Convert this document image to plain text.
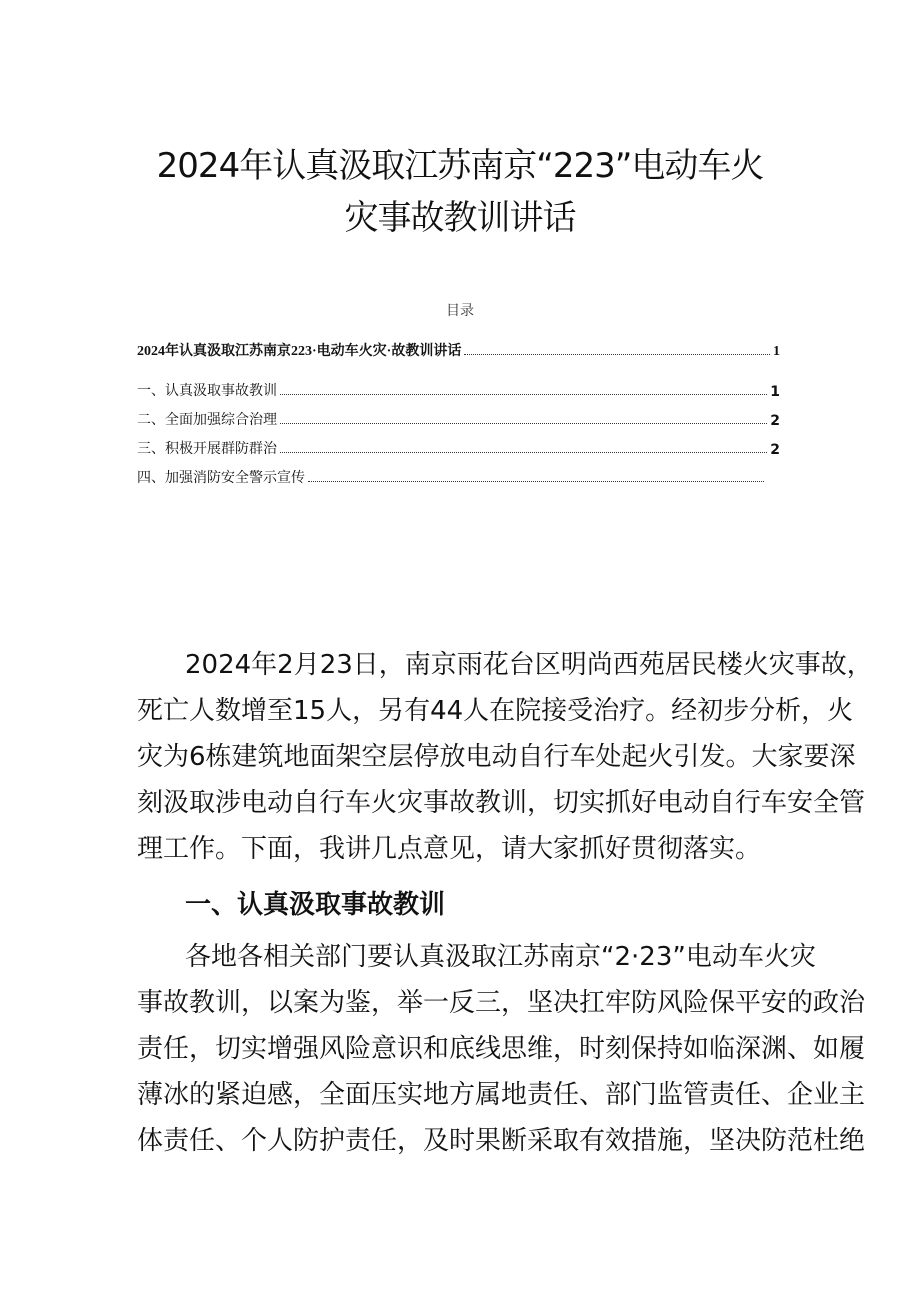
2024年认真汲取江苏南京“223”电动车火
灾事故教训讲话
目录
2024年认真汲取江苏南京223·电动车火灾·故教训讲话	1
一、认真汲取事故教训	1
二、全面加强综合治理	2
三、积极开展群防群治	2
四、加强消防安全警示宣传
2024年2月23日，南京雨花台区明尚西苑居民楼火灾事故，
死亡人数增至15人，另有44人在院接受治疗。经初步分析，火
灾为6栋建筑地面架空层停放电动自行车处起火引发。大家要深
刻汲取涉电动自行车火灾事故教训，切实抓好电动自行车安全管
理工作。下面，我讲几点意见，请大家抓好贯彻落实。
一、认真汲取事故教训
各地各相关部门要认真汲取江苏南京“2·23”电动车火灾
事故教训，以案为鉴，举一反三，坚决扛牢防风险保平安的政治
责任，切实增强风险意识和底线思维，时刻保持如临深渊、如履
薄冰的紧迫感，全面压实地方属地责任、部门监管责任、企业主
体责任、个人防护责任，及时果断采取有效措施，坚决防范杜绝
